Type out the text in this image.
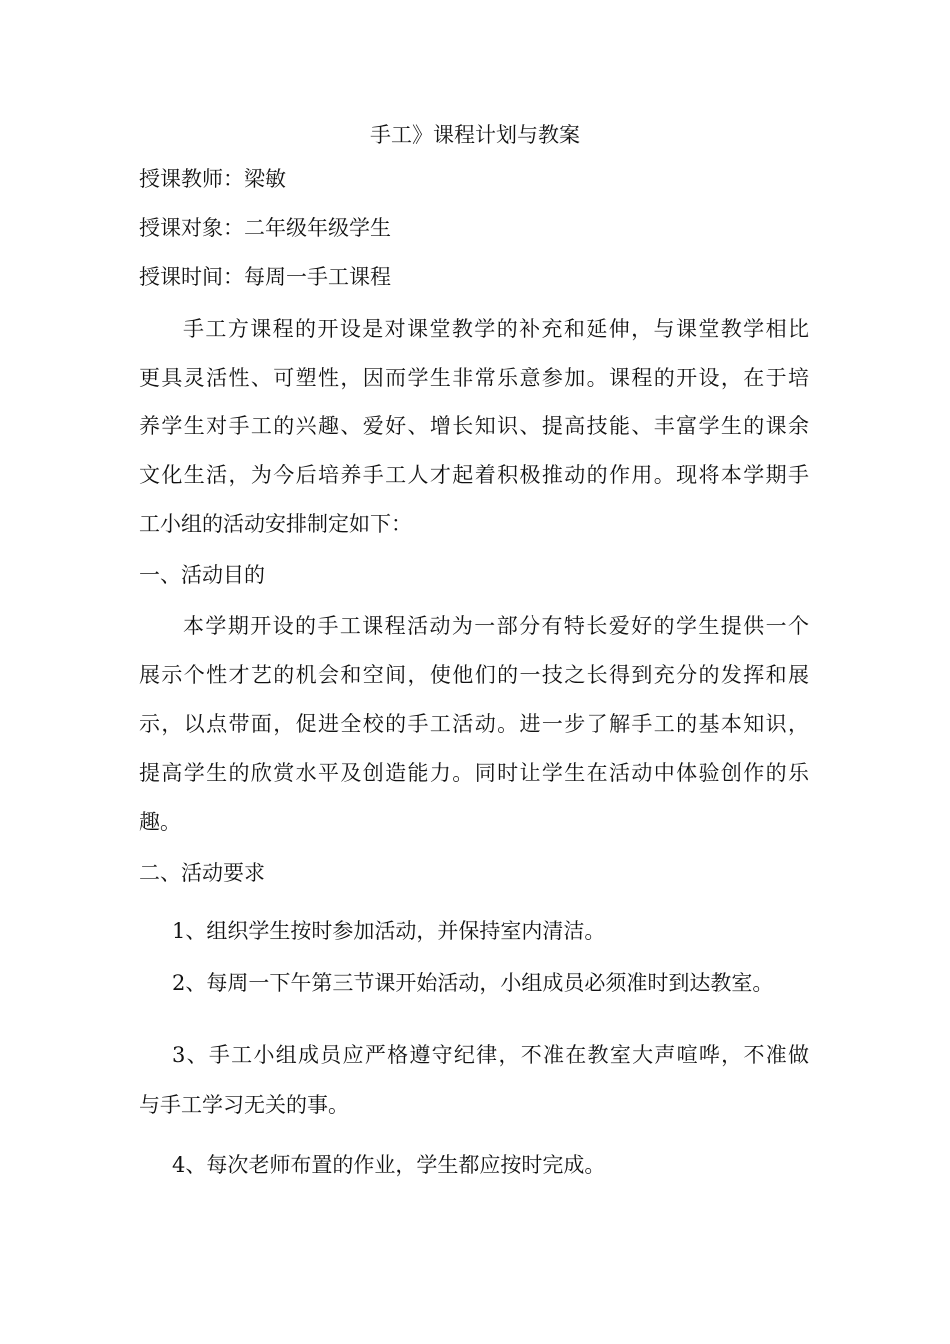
手工》课程计划与教案
授课教师：梁敏
授课对象：二年级年级学生
授课时间：每周一手工课程
手工方课程的开设是对课堂教学的补充和延伸，与课堂教学相比
更具灵活性、可塑性，因而学生非常乐意参加。课程的开设，在于培
养学生对手工的兴趣、爱好、增长知识、提高技能、丰富学生的课余
文化生活，为今后培养手工人才起着积极推动的作用。现将本学期手
工小组的活动安排制定如下：
一、活动目的
本学期开设的手工课程活动为一部分有特长爱好的学生提供一个
展示个性才艺的机会和空间，使他们的一技之长得到充分的发挥和展
示，以点带面，促进全校的手工活动。进一步了解手工的基本知识，
提高学生的欣赏水平及创造能力。同时让学生在活动中体验创作的乐
趣。
二、活动要求
1、组织学生按时参加活动，并保持室内清洁。
2、每周一下午第三节课开始活动，小组成员必须准时到达教室。
3、手工小组成员应严格遵守纪律，不准在教室大声喧哗，不准做
与手工学习无关的事。
4、每次老师布置的作业，学生都应按时完成。
